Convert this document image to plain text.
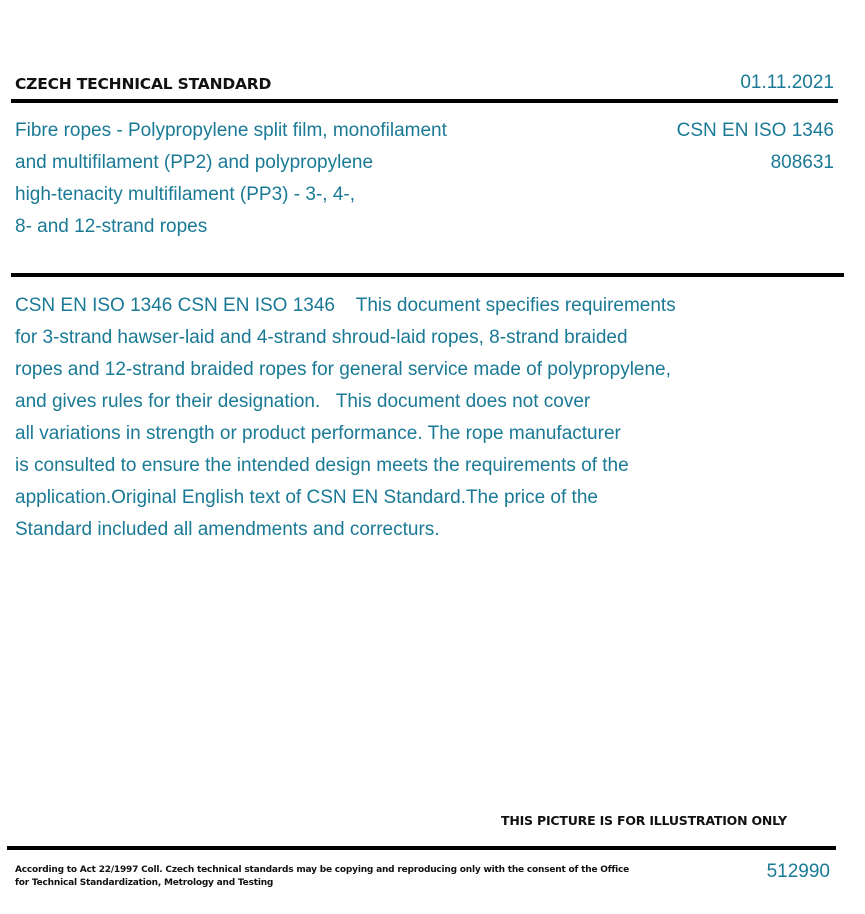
CZECH TECHNICAL STANDARD	01.11.2021
Fibre ropes - Polypropylene split film, monofilament
and multifilament (PP2) and polypropylene
high-tenacity multifilament (PP3) - 3-, 4-,
8- and 12-strand ropes
CSN EN ISO 1346
808631
CSN EN ISO 1346 CSN EN ISO 1346    This document specifies requirements
for 3-strand hawser-laid and 4-strand shroud-laid ropes, 8-strand braided
ropes and 12-strand braided ropes for general service made of polypropylene,
and gives rules for their designation.   This document does not cover
all variations in strength or product performance. The rope manufacturer
is consulted to ensure the intended design meets the requirements of the
application.Original English text of CSN EN Standard.The price of the
Standard included all amendments and correcturs.
THIS PICTURE IS FOR ILLUSTRATION ONLY
According to Act 22/1997 Coll. Czech technical standards may be copying and reproducing only with the consent of the Office
for Technical Standardization, Metrology and Testing
512990
